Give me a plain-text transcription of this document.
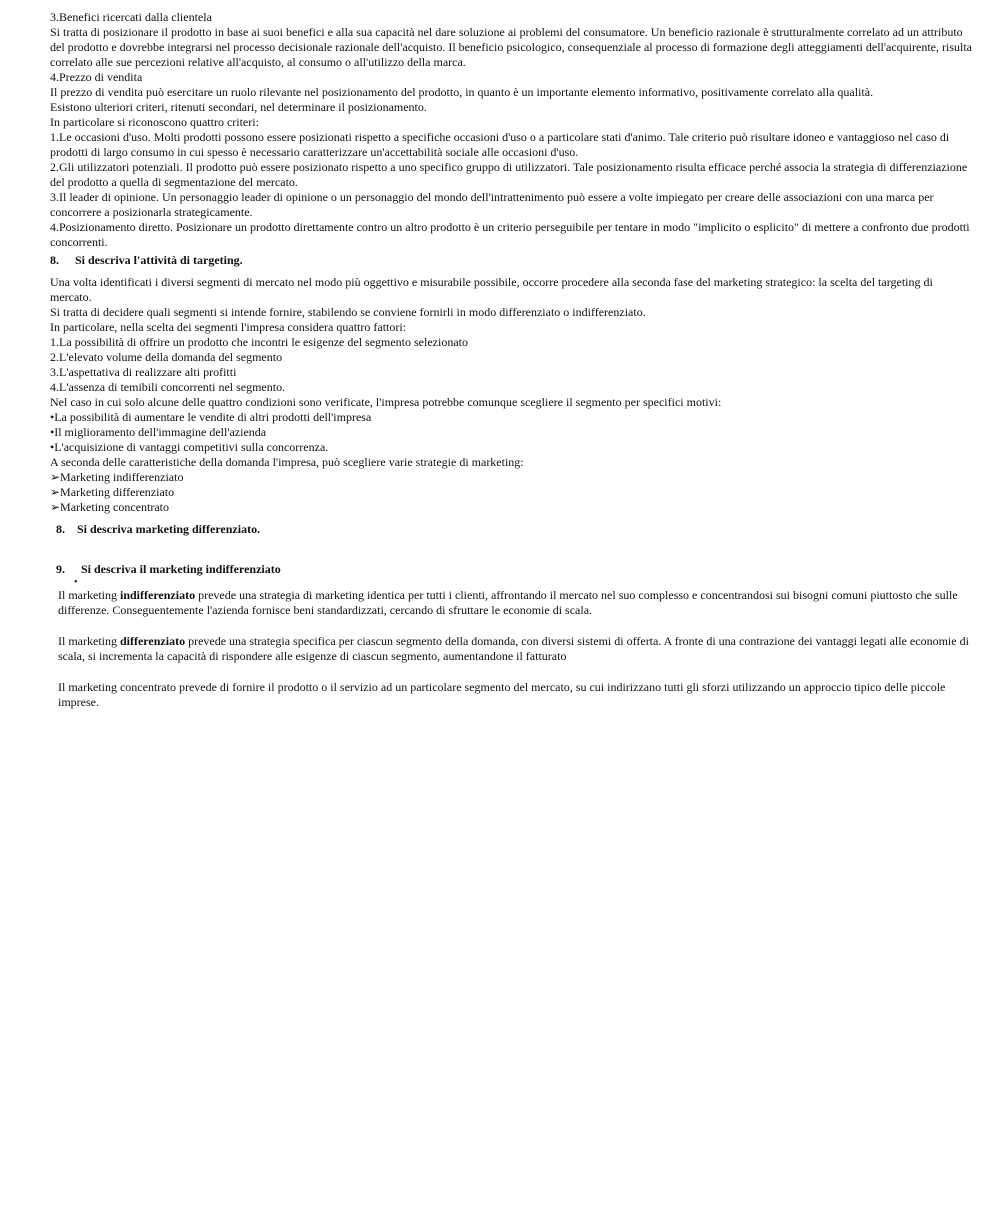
3.Benefici ricercati dalla clientela

Si tratta di posizionare il prodotto in base ai suoi benefici e alla sua capacità nel dare soluzione ai problemi del consumatore. Un beneficio razionale è strutturalmente correlato ad un attributo del prodotto e dovrebbe integrarsi nel processo decisionale razionale dell'acquisto. Il beneficio psicologico, consequenziale al processo di formazione degli atteggiamenti dell'acquirente, risulta correlato alle sue percezioni relative all'acquisto, al consumo o all'utilizzo della marca.

4.Prezzo di vendita

Il prezzo di vendita può esercitare un ruolo rilevante nel posizionamento del prodotto, in quanto è un importante elemento informativo, positivamente correlato alla qualità.

Esistono ulteriori criteri, ritenuti secondari, nel determinare il posizionamento.

In particolare si riconoscono quattro criteri:

1.Le occasioni d'uso. Molti prodotti possono essere posizionati rispetto a specifiche occasioni d'uso o a particolare stati d'animo. Tale criterio può risultare idoneo e vantaggioso nel caso di prodotti di largo consumo in cui spesso è necessario caratterizzare un'accettabilità sociale alle occasioni d'uso.

2.Gli utilizzatori potenziali. Il prodotto può essere posizionato rispetto a uno specifico gruppo di utilizzatori. Tale posizionamento risulta efficace perché associa la strategia di differenziazione del prodotto a quella di segmentazione del mercato.

3.Il leader di opinione. Un personaggio leader di opinione o un personaggio del mondo dell'intrattenimento può essere a volte impiegato per creare delle associazioni con una marca per concorrere a posizionarla strategicamente.

4.Posizionamento diretto. Posizionare un prodotto direttamente contro un altro prodotto è un criterio perseguibile per tentare in modo "implicito o esplicito" di mettere a confronto due prodotti concorrenti.

8. Si descriva l'attività di targeting.

Una volta identificati i diversi segmenti di mercato nel modo più oggettivo e misurabile possibile, occorre procedere alla seconda fase del marketing strategico: la scelta del targeting di mercato.

Si tratta di decidere quali segmenti si intende fornire, stabilendo se conviene fornirli in modo differenziato o indifferenziato.

In particolare, nella scelta dei segmenti l'impresa considera quattro fattori:

1.La possibilità di offrire un prodotto che incontri le esigenze del segmento selezionato

2.L'elevato volume della domanda del segmento

3.L'aspettativa di realizzare alti profitti

4.L'assenza di temibili concorrenti nel segmento.

Nel caso in cui solo alcune delle quattro condizioni sono verificate, l'impresa potrebbe comunque scegliere il segmento per specifici motivi:

•La possibilità di aumentare le vendite di altri prodotti dell'impresa

•Il miglioramento dell'immagine dell'azienda

•L'acquisizione di vantaggi competitivi sulla concorrenza.

A seconda delle caratteristiche della domanda l'impresa, può scegliere varie strategie di marketing:

➢Marketing indifferenziato

➢Marketing differenziato

➢Marketing concentrato

8. Si descriva marketing differenziato.
9. Si descriva il marketing indifferenziato
•

Il marketing indifferenziato prevede una strategia di marketing identica per tutti i clienti, affrontando il mercato nel suo complesso e concentrandosi sui bisogni comuni piuttosto che sulle differenze. Conseguentemente l'azienda fornisce beni standardizzati, cercando di sfruttare le economie di scala.

Il marketing differenziato prevede una strategia specifica per ciascun segmento della domanda, con diversi sistemi di offerta. A fronte di una contrazione dei vantaggi legati alle economie di scala, si incrementa la capacità di rispondere alle esigenze di ciascun segmento, aumentandone il fatturato

Il marketing concentrato prevede di fornire il prodotto o il servizio ad un particolare segmento del mercato, su cui indirizzano tutti gli sforzi utilizzando un approccio tipico delle piccole imprese.
